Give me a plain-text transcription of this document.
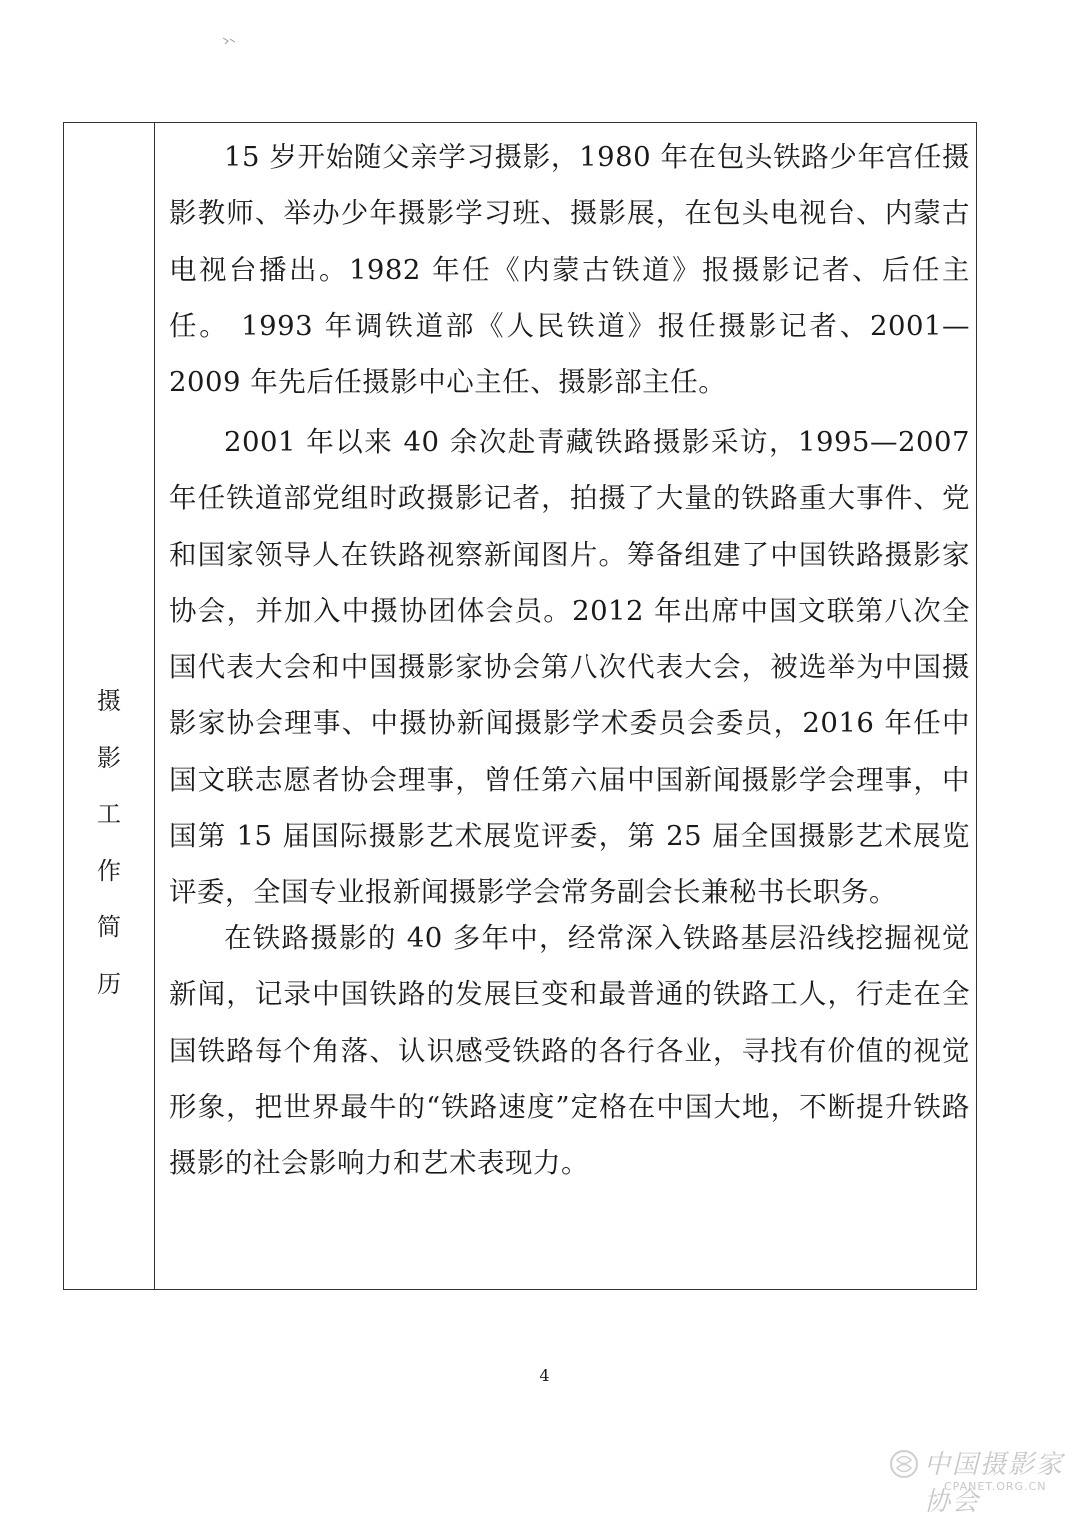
摄
影
工
作
简
历

15 岁开始随父亲学习摄影，1980 年在包头铁路少年宫任摄影教师、举办少年摄影学习班、摄影展，在包头电视台、内蒙古电视台播出。1982 年任《内蒙古铁道》报摄影记者、后任主任。 1993 年调铁道部《人民铁道》报任摄影记者、2001—2009 年先后任摄影中心主任、摄影部主任。

2001 年以来 40 余次赴青藏铁路摄影采访，1995—2007 年任铁道部党组时政摄影记者，拍摄了大量的铁路重大事件、党和国家领导人在铁路视察新闻图片。筹备组建了中国铁路摄影家协会，并加入中摄协团体会员。2012 年出席中国文联第八次全国代表大会和中国摄影家协会第八次代表大会，被选举为中国摄影家协会理事、中摄协新闻摄影学术委员会委员，2016 年任中国文联志愿者协会理事，曾任第六届中国新闻摄影学会理事，中国第 15 届国际摄影艺术展览评委，第 25 届全国摄影艺术展览评委，全国专业报新闻摄影学会常务副会长兼秘书长职务。

在铁路摄影的 40 多年中，经常深入铁路基层沿线挖掘视觉新闻，记录中国铁路的发展巨变和最普通的铁路工人，行走在全国铁路每个角落、认识感受铁路的各行各业，寻找有价值的视觉形象，把世界最牛的“铁路速度”定格在中国大地，不断提升铁路摄影的社会影响力和艺术表现力。

4
中国摄影家协会
CPANET.ORG.CN
